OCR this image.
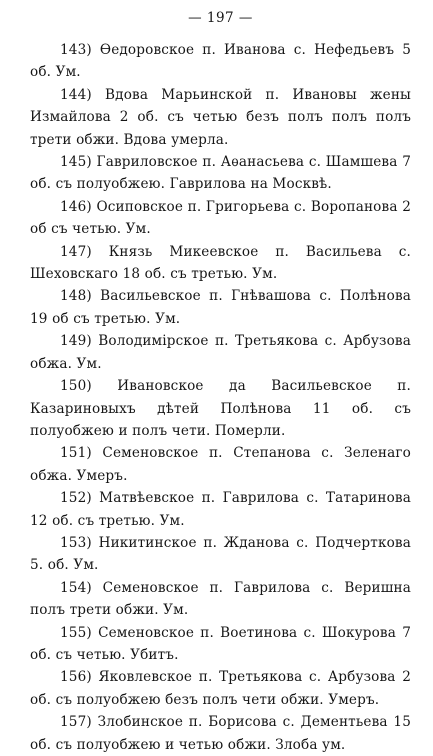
— 197 —

143) Ѳедоровское п. Иванова с. Нефедьевъ 5 об. Ум.

144) Вдова Марьинской п. Ивановы жены Измайлова 2 об. съ четью безъ полъ полъ полъ трети обжи. Вдова умерла.

145) Гавриловское п. Аѳанасьева с. Шамшева 7 об. съ полуобжею. Гаврилова на Москвѣ.

146) Осиповское п. Григорьева с. Воропанова 2 об съ четью. Ум.

147) Князь Микеевское п. Васильева с. Шеховскаго 18 об. съ третью. Ум.

148) Васильевское п. Гнѣвашова с. Полѣнова 19 об съ третью. Ум.

149) Володимірское п. Третьякова с. Арбузова обжа. Ум.

150) Ивановское да Васильевское п. Казариновыхъ дѣтей Полѣнова 11 об. съ полуобжею и полъ чети. Померли.

151) Семеновское п. Степанова с. Зеленаго обжа. Умеръ.

152) Матвѣевское п. Гаврилова с. Татаринова 12 об. съ третью. Ум.

153) Никитинское п. Жданова с. Подчерткова 5. об. Ум.

154) Семеновское п. Гаврилова с. Веришна полъ трети обжи. Ум.

155) Семеновское п. Воетинова с. Шокурова 7 об. съ четью. Убитъ.

156) Яковлевское п. Третьякова с. Арбузова 2 об. съ полуобжею безъ полъ чети обжи. Умеръ.

157) Злобинское п. Борисова с. Дементьева 15 об. съ полуобжею и четью обжи. Злоба ум.
